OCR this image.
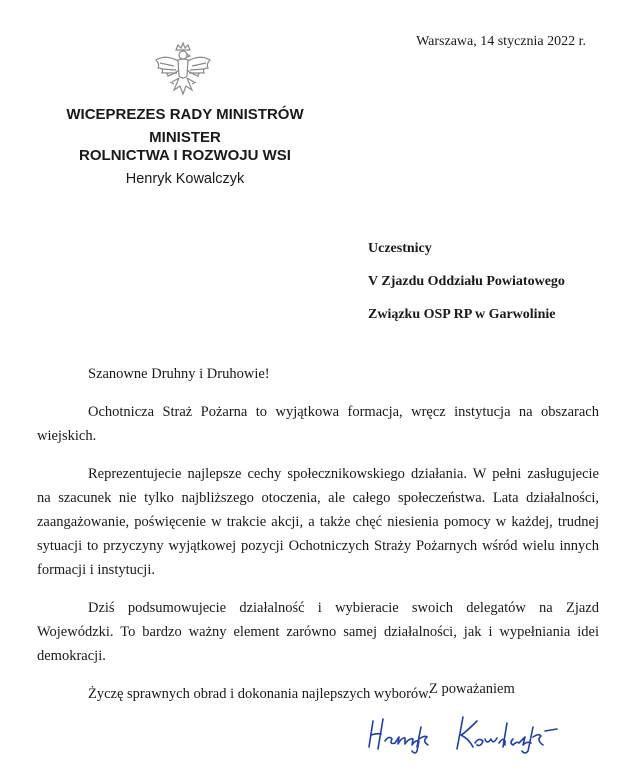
Warszawa, 14 stycznia 2022 r.
WICEPREZES RADY MINISTRÓW
MINISTER
ROLNICTWA I ROZWOJU WSI
Henryk Kowalczyk
Uczestnicy
V Zjazdu Oddziału Powiatowego
Związku OSP RP w Garwolinie
Szanowne Druhny i Druhowie!

Ochotnicza Straż Pożarna to wyjątkowa formacja, wręcz instytucja na obszarach wiejskich.

Reprezentujecie najlepsze cechy społecznikowskiego działania. W pełni zasługujecie na szacunek nie tylko najbliższego otoczenia, ale całego społeczeństwa. Lata działalności, zaangażowanie, poświęcenie w trakcie akcji, a także chęć niesienia pomocy w każdej, trudnej sytuacji to przyczyny wyjątkowej pozycji Ochotniczych Straży Pożarnych wśród wielu innych formacji i instytucji.

Dziś podsumowujecie działalność i wybieracie swoich delegatów na Zjazd Wojewódzki. To bardzo ważny element zarówno samej działalności, jak i wypełniania idei demokracji.

Życzę sprawnych obrad i dokonania najlepszych wyborów.

Z poważaniem
